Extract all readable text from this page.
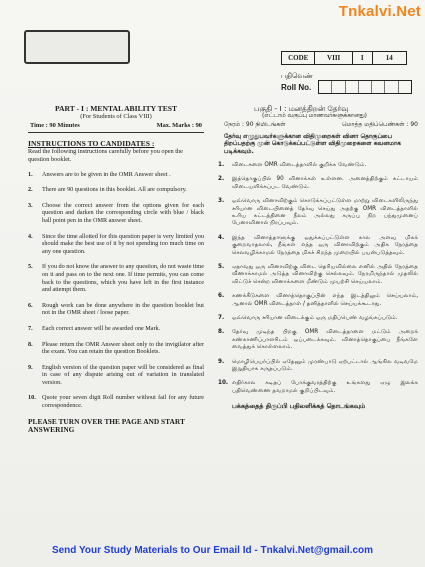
Tnkalvi.Net
CODE	VIII	I	14
பதிவெண்
Roll No.
PART - I : MENTAL ABILITY TEST
(For Students of Class VIII)
Time : 90 Minutes	Max. Marks : 90
INSTRUCTIONS TO CANDIDATES :
Read the following instructions carefully before you open the question booklet.
1.	Answers are to be given in the OMR Answer sheet .
2.	There are 90 questions in this booklet. All are compulsory.
3.	Choose the correct answer from the options given for each question and darken the corresponding circle with blue / black ball point pen in the OMR answer sheet.
4.	Since the time allotted for this question paper is very limited you should make the best use of it by not spending too much time on any one question.
5.	If you do not know the answer to any question, do not waste time on it and pass on to the next one. If time permits, you can come back to the questions, which you have left in the first instance and attempt them.
6.	Rough work can be done anywhere in the question booklet but not in the OMR sheet / loose paper.
7.	Each correct answer will be awarded one Mark.
8.	Please return the OMR Answer sheet only to the invigilator after the exam. You can retain the question Booklets.
9.	English version of the question paper will be considered as final in case of any dispute arising out of variation in translated version.
10.	Quote your seven digit Roll number without fail for any future correspondence.
PLEASE TURN OVER THE PAGE AND START ANSWERING
பகுதி - I : மனத்திறன் தேர்வு
(எட்டாம் வகுப்பு மாணவர்களுக்கானது)
நேரம் : 90 நிமிடங்கள்	மொத்த மதிப்பெண்கள் : 90
தேர்வு எழுதுபவர்களுக்கான விதிமுறைகள் வினா தொகுப்பை திறப்பதற்கு முன் கொடுக்கப்பட்டுள்ள விதிமுறைகளை கவனமாக படிக்கவும்.
1.	விடைகளை OMR விடைத்தாளில் குறிக்க வேண்டும்.
2.	இத்தொகுப்பில் 90 வினாக்கள் உள்ளன. அனைத்திற்கும் கட்டாயம் விடையளிக்கப்பட வேண்டும்.
3.	ஒவ்வொரு வினாவிற்கும் கொடுக்கப்பட்டுள்ள மாற்று விடைகளிலிருந்து சரியான விடையினைத் தேர்வு செய்து அதற்கு OMR விடைத்தாளில் உரிய கட்டத்தினை நீலம் அல்லது கருப்பு நிற பந்துமுனைப் பேனாவினால் நிரப்பவும்.
4.	இந்த வினாத்தாளுக்கு ஒதுக்கப்பட்டுள்ள கால அளவு மிகக் குறைவாதலால், நீங்கள் எந்த ஒரு வினாவிற்கும் அதிக நேரத்தை செலவழிக்காமல் நேரத்தை மிகச் சிறந்த முறையில் பயன்படுத்தவும்.
5.	ஏதாவது ஒரு வினாவிற்கு விடை தெரியவில்லை எனில் அதில் நேரத்தை வீணாக்காமல் அடுத்த வினாவிற்கு செல்லவும். நேரமிருந்தால் முதலில் விட்டுச் சென்ற வினாக்களை மீண்டும் முயற்சி செய்யலாம்.
6.	கணக்கீடுகளை வினாத்தொகுப்பின் எந்த இடத்திலும் செய்யலாம், ஆனால் OMR விடைத்தாள் / தனித்தாளில் செய்யக்கூடாது.
7.	ஒவ்வொரு சரியான விடைக்கும் ஒரு மதிப்பெண் வழங்கப்படும்.
8.	தேர்வு முடிந்த பிறகு OMR விடைத்தாளை மட்டும் அறைக் கண்காணிப்பாளரிடம் ஒப்படைக்கவும். வினாத்தொகுப்பை நீங்களே வைத்துக் கொள்ளலாம்.
9.	மொழிபெயர்ப்பில் ஏதேனும் முரண்பாடு ஏற்பட்டால் ஆங்கில வடிவமே இறுதியாக கருதப்படும்.
10. எதிர்கால கடிதப் போக்குவரத்திற்கு உங்களது ஏழு இலக்க பதிவெண்ணை தவறாமல் குறிப்பிடவும்.
பக்கத்தைத் திருப்பி பதிலளிக்கத் தொடங்கவும்
Send Your Study Materials to Our Email Id - Tnkalvi.Net@gmail.com
